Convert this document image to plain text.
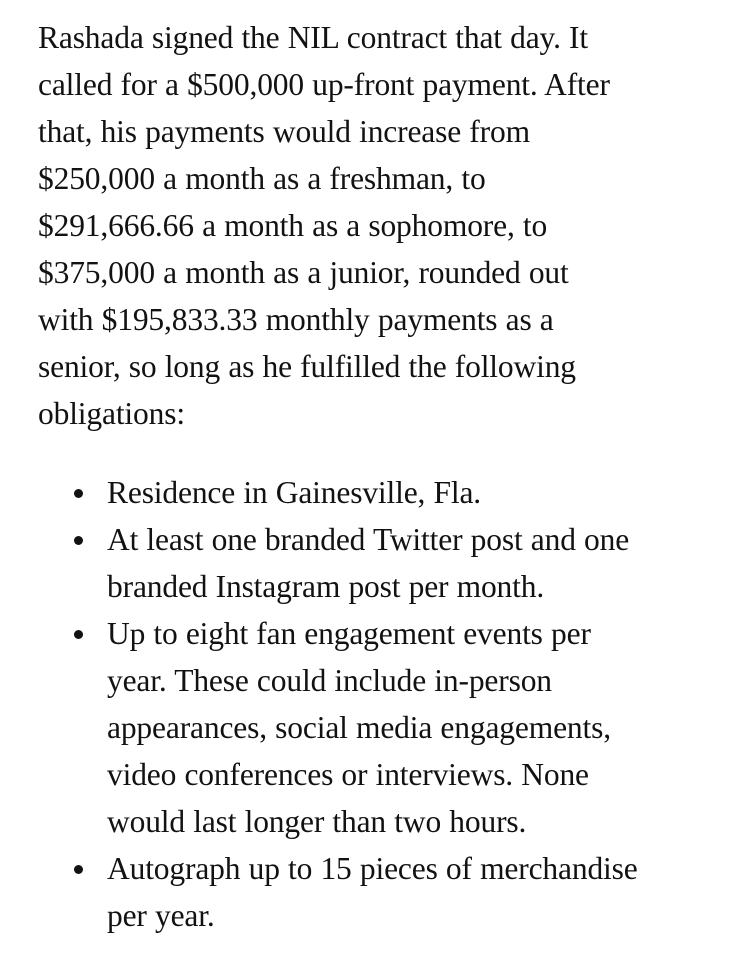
Rashada signed the NIL contract that day. It
called for a $500,000 up-front payment. After
that, his payments would increase from
$250,000 a month as a freshman, to
$291,666.66 a month as a sophomore, to
$375,000 a month as a junior, rounded out
with $195,833.33 monthly payments as a
senior, so long as he fulfilled the following
obligations:

Residence in Gainesville, Fla.
At least one branded Twitter post and one
branded Instagram post per month.
Up to eight fan engagement events per
year. These could include in-person
appearances, social media engagements,
video conferences or interviews. None
would last longer than two hours.
Autograph up to 15 pieces of merchandise
per year.
